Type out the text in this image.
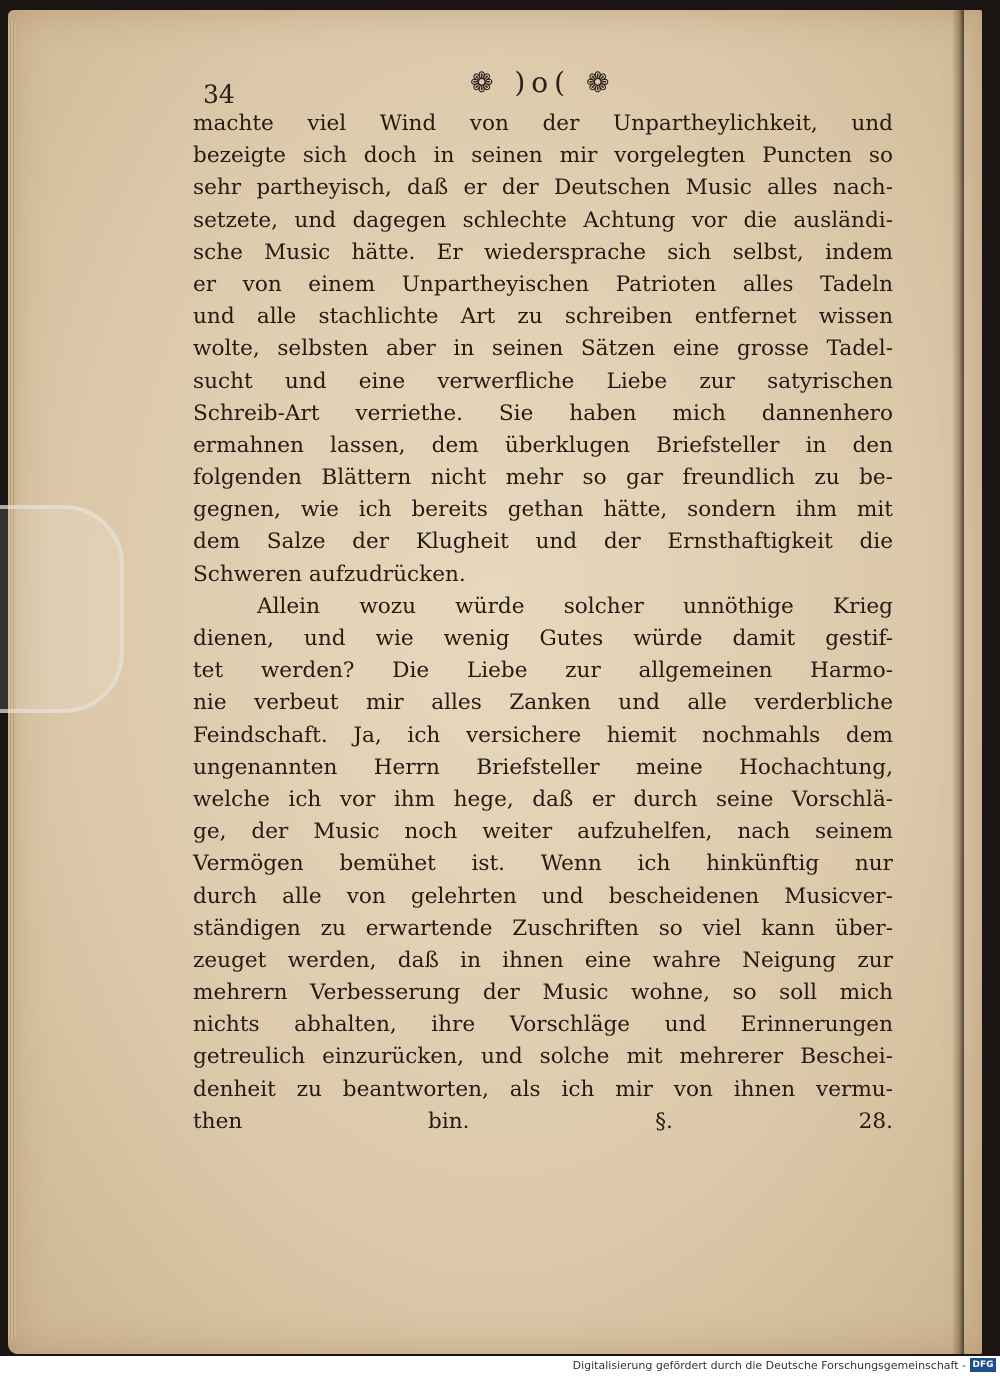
34	❁ )o( ❁
machte viel Wind von der Unpartheylichkeit, und
bezeigte sich doch in seinen mir vorgelegten Puncten so
sehr partheyisch, daß er der Deutschen Music alles nach-
setzete, und dagegen schlechte Achtung vor die ausländi-
sche Music hätte. Er wiedersprache sich selbst, indem
er von einem Unpartheyischen Patrioten alles Tadeln
und alle stachlichte Art zu schreiben entfernet wissen
wolte, selbsten aber in seinen Sätzen eine grosse Tadel-
sucht und eine verwerfliche Liebe zur satyrischen
Schreib-Art verriethe. Sie haben mich dannenhero
ermahnen lassen, dem überklugen Briefsteller in den
folgenden Blättern nicht mehr so gar freundlich zu be-
gegnen, wie ich bereits gethan hätte, sondern ihm mit
dem Salze der Klugheit und der Ernsthaftigkeit die
Schweren aufzudrücken.
Allein wozu würde solcher unnöthige Krieg
dienen, und wie wenig Gutes würde damit gestif-
tet werden? Die Liebe zur allgemeinen Harmo-
nie verbeut mir alles Zanken und alle verderbliche
Feindschaft. Ja, ich versichere hiemit nochmahls dem
ungenannten Herrn Briefsteller meine Hochachtung,
welche ich vor ihm hege, daß er durch seine Vorschlä-
ge, der Music noch weiter aufzuhelfen, nach seinem
Vermögen bemühet ist. Wenn ich hinkünftig nur
durch alle von gelehrten und bescheidenen Musicver-
ständigen zu erwartende Zuschriften so viel kann über-
zeuget werden, daß in ihnen eine wahre Neigung zur
mehrern Verbesserung der Music wohne, so soll mich
nichts abhalten, ihre Vorschläge und Erinnerungen
getreulich einzurücken, und solche mit mehrerer Beschei-
denheit zu beantworten, als ich mir von ihnen vermu-
then bin. §. 28.
Digitalisierung gefördert durch die Deutsche Forschungsgemeinschaft - DFG
